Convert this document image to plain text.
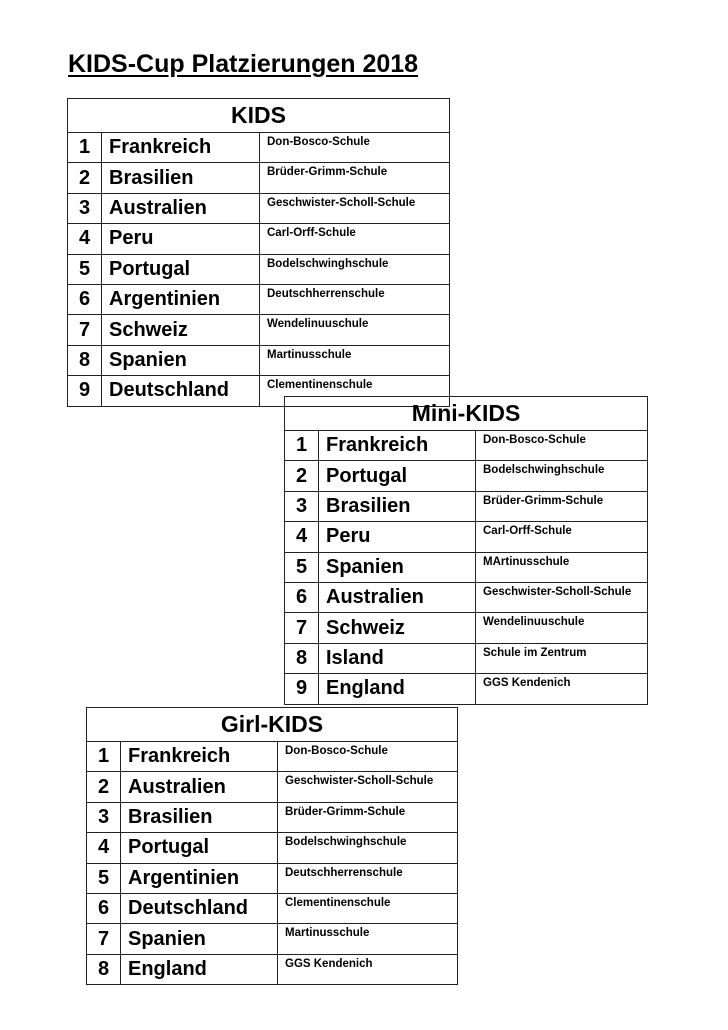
KIDS-Cup Platzierungen 2018
KIDS		
1	Frankreich	Don-Bosco-Schule
2	Brasilien	Brüder-Grimm-Schule
3	Australien	Geschwister-Scholl-Schule
4	Peru	Carl-Orff-Schule
5	Portugal	Bodelschwinghschule
6	Argentinien	Deutschherrenschule
7	Schweiz	Wendelinuuschule
8	Spanien	Martinusschule
9	Deutschland	Clementinenschule
Mini-KIDS		
1	Frankreich	Don-Bosco-Schule
2	Portugal	Bodelschwinghschule
3	Brasilien	Brüder-Grimm-Schule
4	Peru	Carl-Orff-Schule
5	Spanien	MArtinusschule
6	Australien	Geschwister-Scholl-Schule
7	Schweiz	Wendelinuuschule
8	Island	Schule im Zentrum
9	England	GGS Kendenich
Girl-KIDS		
1	Frankreich	Don-Bosco-Schule
2	Australien	Geschwister-Scholl-Schule
3	Brasilien	Brüder-Grimm-Schule
4	Portugal	Bodelschwinghschule
5	Argentinien	Deutschherrenschule
6	Deutschland	Clementinenschule
7	Spanien	Martinusschule
8	England	GGS Kendenich
